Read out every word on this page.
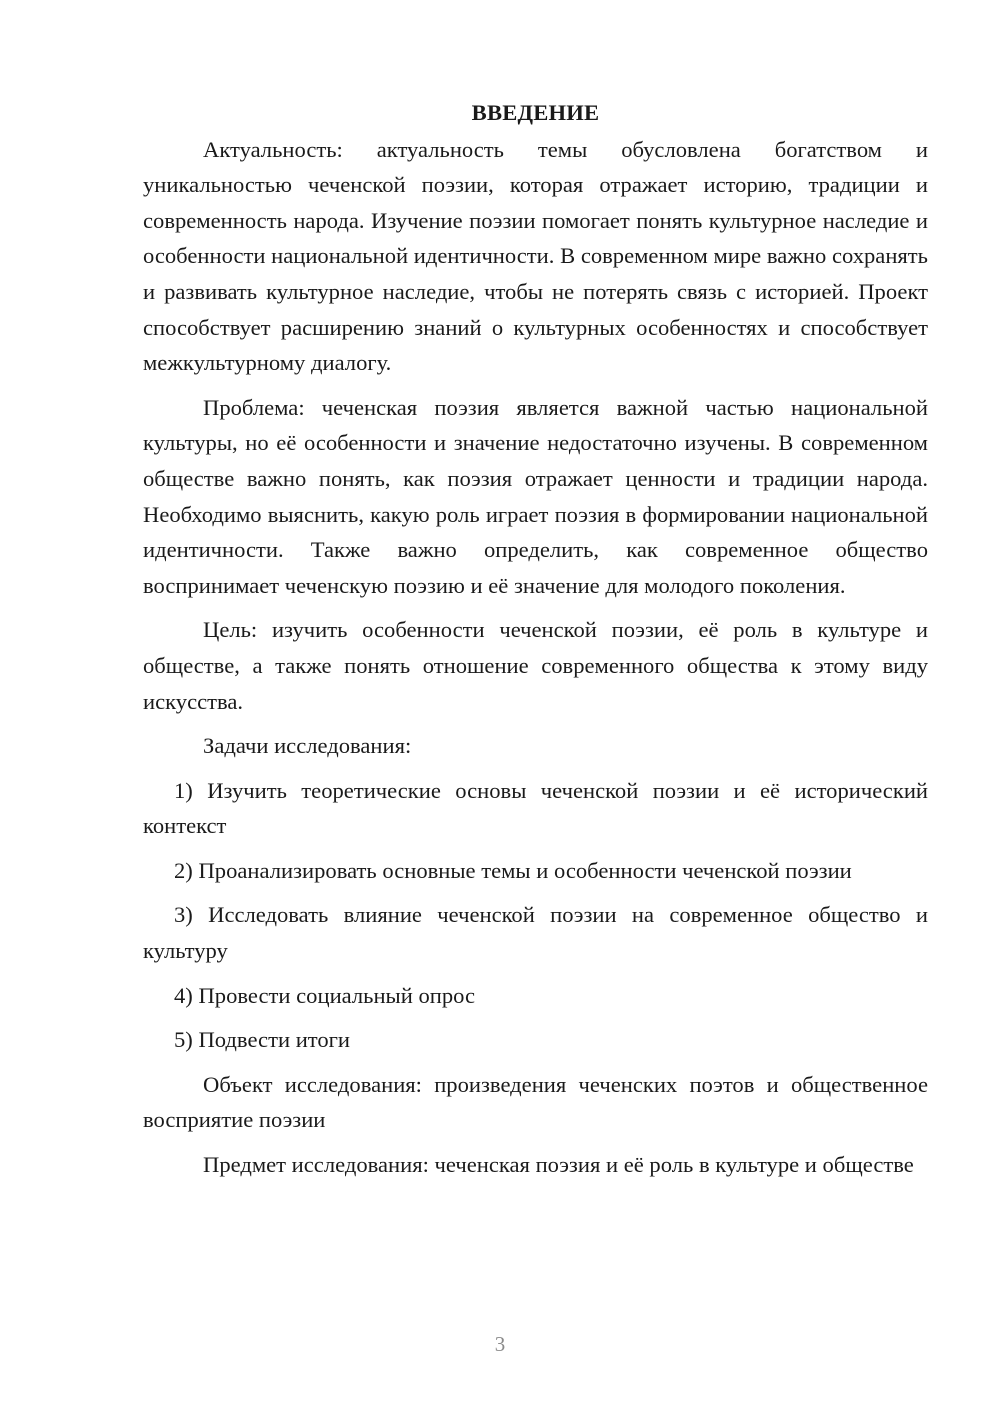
ВВЕДЕНИЕ

Актуальность: актуальность темы обусловлена богатством и уникальностью чеченской поэзии, которая отражает историю, традиции и современность народа. Изучение поэзии помогает понять культурное наследие и особенности национальной идентичности. В современном мире важно сохранять и развивать культурное наследие, чтобы не потерять связь с историей. Проект способствует расширению знаний о культурных особенностях и способствует межкультурному диалогу.

Проблема: чеченская поэзия является важной частью национальной культуры, но её особенности и значение недостаточно изучены. В современном обществе важно понять, как поэзия отражает ценности и традиции народа. Необходимо выяснить, какую роль играет поэзия в формировании национальной идентичности. Также важно определить, как современное общество воспринимает чеченскую поэзию и её значение для молодого поколения.

Цель: изучить особенности чеченской поэзии, её роль в культуре и обществе, а также понять отношение современного общества к этому виду искусства.

Задачи исследования:

1) Изучить теоретические основы чеченской поэзии и её исторический контекст

2) Проанализировать основные темы и особенности чеченской поэзии

3) Исследовать влияние чеченской поэзии на современное общество и культуру

4) Провести социальный опрос

5) Подвести итоги

Объект исследования: произведения чеченских поэтов и общественное восприятие поэзии

Предмет исследования: чеченская поэзия и её роль в культуре и обществе

3
